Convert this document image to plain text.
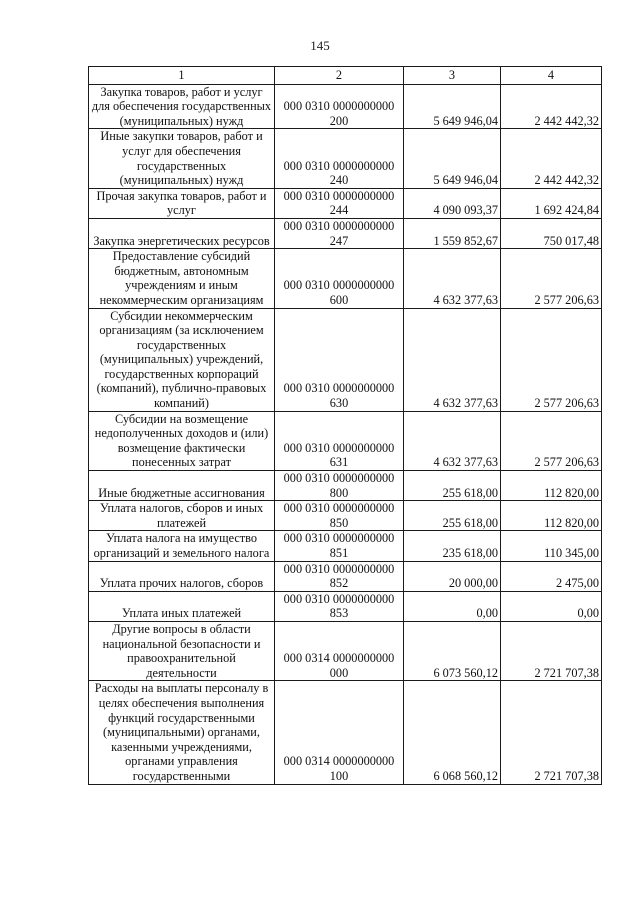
145
1	2	3	4
Закупка товаров, работ и услуг для обеспечения государственных (муниципальных) нужд	000 0310 0000000000 200	5 649 946,04	2 442 442,32
Иные закупки товаров, работ и услуг для обеспечения государственных (муниципальных) нужд	000 0310 0000000000 240	5 649 946,04	2 442 442,32
Прочая закупка товаров, работ и услуг	000 0310 0000000000 244	4 090 093,37	1 692 424,84
Закупка энергетических ресурсов	000 0310 0000000000 247	1 559 852,67	750 017,48
Предоставление субсидий бюджетным, автономным учреждениям и иным некоммерческим организациям	000 0310 0000000000 600	4 632 377,63	2 577 206,63
Субсидии некоммерческим организациям (за исключением государственных (муниципальных) учреждений, государственных корпораций (компаний), публично-правовых компаний)	000 0310 0000000000 630	4 632 377,63	2 577 206,63
Субсидии на возмещение недополученных доходов и (или) возмещение фактически понесенных затрат	000 0310 0000000000 631	4 632 377,63	2 577 206,63
Иные бюджетные ассигнования	000 0310 0000000000 800	255 618,00	112 820,00
Уплата налогов, сборов и иных платежей	000 0310 0000000000 850	255 618,00	112 820,00
Уплата налога на имущество организаций и земельного налога	000 0310 0000000000 851	235 618,00	110 345,00
Уплата прочих налогов, сборов	000 0310 0000000000 852	20 000,00	2 475,00
Уплата иных платежей	000 0310 0000000000 853	0,00	0,00
Другие вопросы в области национальной безопасности и правоохранительной деятельности	000 0314 0000000000 000	6 073 560,12	2 721 707,38
Расходы на выплаты персоналу в целях обеспечения выполнения функций государственными (муниципальными) органами, казенными учреждениями, органами управления государственными	000 0314 0000000000 100	6 068 560,12	2 721 707,38
